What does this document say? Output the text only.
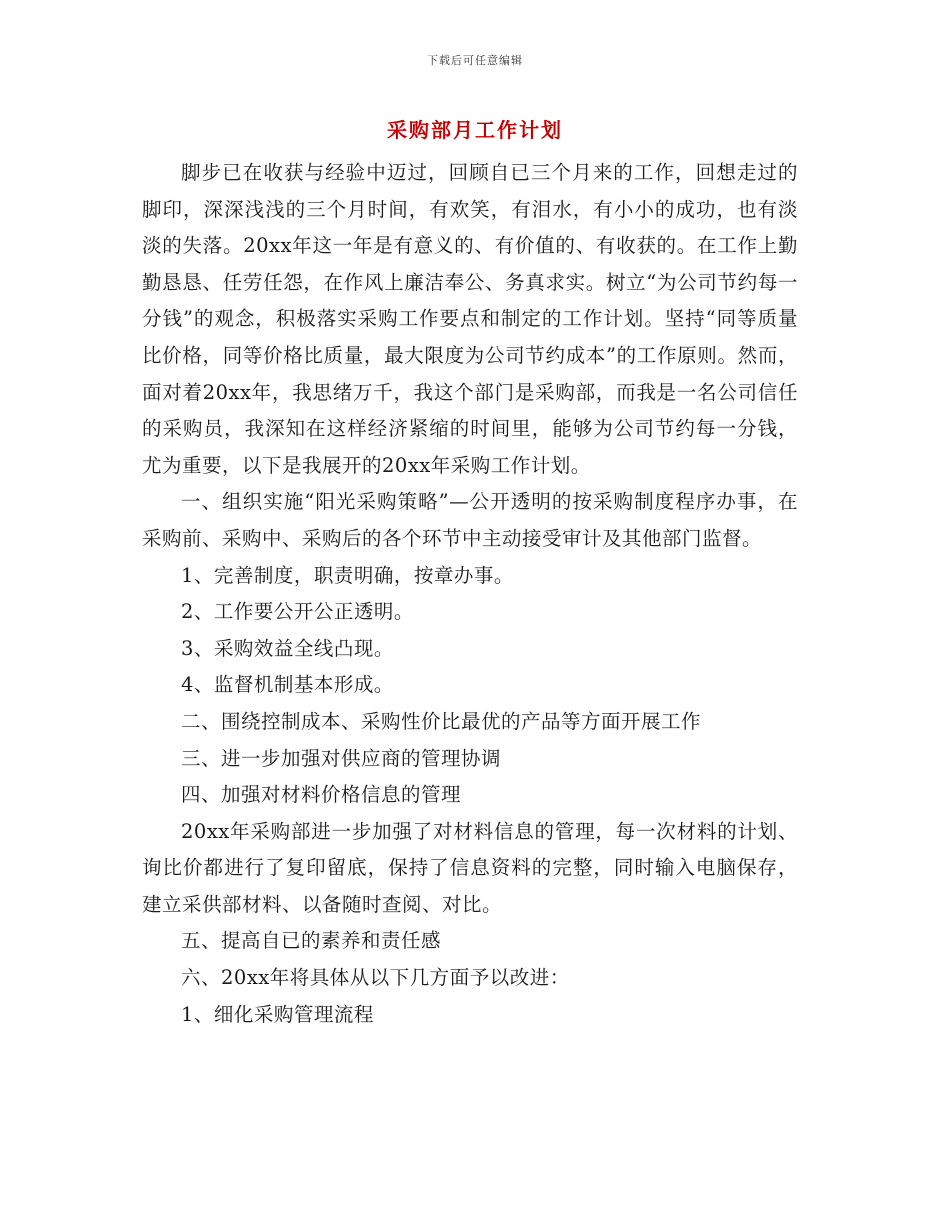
下载后可任意编辑
采购部月工作计划

脚步已在收获与经验中迈过，回顾自已三个月来的工作，回想走过的脚印，深深浅浅的三个月时间，有欢笑，有泪水，有小小的成功，也有淡淡的失落。20xx年这一年是有意义的、有价值的、有收获的。在工作上勤勤恳恳、任劳任怨，在作风上廉洁奉公、务真求实。树立“为公司节约每一分钱”的观念，积极落实采购工作要点和制定的工作计划。坚持“同等质量比价格，同等价格比质量，最大限度为公司节约成本”的工作原则。然而，面对着20xx年，我思绪万千，我这个部门是采购部，而我是一名公司信任的采购员，我深知在这样经济紧缩的时间里，能够为公司节约每一分钱，尤为重要，以下是我展开的20xx年采购工作计划。

一、组织实施“阳光采购策略”—公开透明的按采购制度程序办事，在采购前、采购中、采购后的各个环节中主动接受审计及其他部门监督。

1、完善制度，职责明确，按章办事。

2、工作要公开公正透明。

3、采购效益全线凸现。

4、监督机制基本形成。

二、围绕控制成本、采购性价比最优的产品等方面开展工作

三、进一步加强对供应商的管理协调

四、加强对材料价格信息的管理

20xx年采购部进一步加强了对材料信息的管理，每一次材料的计划、询比价都进行了复印留底，保持了信息资料的完整，同时输入电脑保存，建立采供部材料、以备随时查阅、对比。

五、提高自已的素养和责任感

六、20xx年将具体从以下几方面予以改进：

1、细化采购管理流程
